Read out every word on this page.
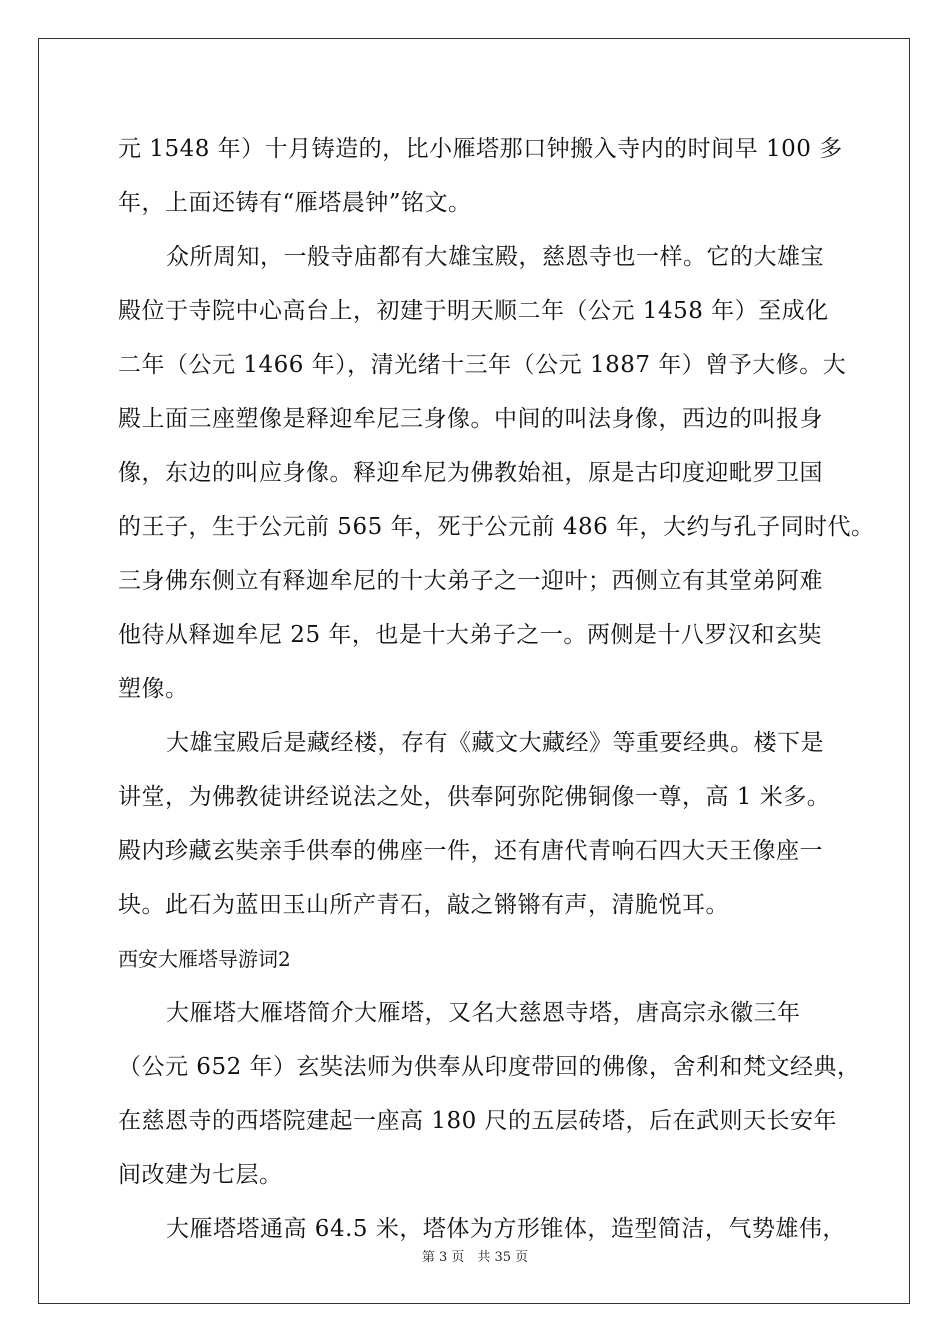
元 1548 年）十月铸造的，比小雁塔那口钟搬入寺内的时间早 100 多
年，上面还铸有“雁塔晨钟”铭文。
众所周知，一般寺庙都有大雄宝殿，慈恩寺也一样。它的大雄宝
殿位于寺院中心高台上，初建于明天顺二年（公元 1458 年）至成化
二年（公元 1466 年），清光绪十三年（公元 1887 年）曾予大修。大
殿上面三座塑像是释迎牟尼三身像。中间的叫法身像，西边的叫报身
像，东边的叫应身像。释迎牟尼为佛教始祖，原是古印度迎毗罗卫国
的王子，生于公元前 565 年，死于公元前 486 年，大约与孔子同时代。
三身佛东侧立有释迦牟尼的十大弟子之一迎叶；西侧立有其堂弟阿难
他待从释迦牟尼 25 年，也是十大弟子之一。两侧是十八罗汉和玄奘
塑像。
大雄宝殿后是藏经楼，存有《藏文大藏经》等重要经典。楼下是
讲堂，为佛教徒讲经说法之处，供奉阿弥陀佛铜像一尊，高 1 米多。
殿内珍藏玄奘亲手供奉的佛座一件，还有唐代青响石四大天王像座一
块。此石为蓝田玉山所产青石，敲之锵锵有声，清脆悦耳。
西安大雁塔导游词2
大雁塔大雁塔简介大雁塔，又名大慈恩寺塔，唐高宗永徽三年
（公元 652 年）玄奘法师为供奉从印度带回的佛像，舍利和梵文经典，
在慈恩寺的西塔院建起一座高 180 尺的五层砖塔，后在武则天长安年
间改建为七层。
大雁塔塔通高 64.5 米，塔体为方形锥体，造型简洁，气势雄伟，
第 3 页　共 35 页
